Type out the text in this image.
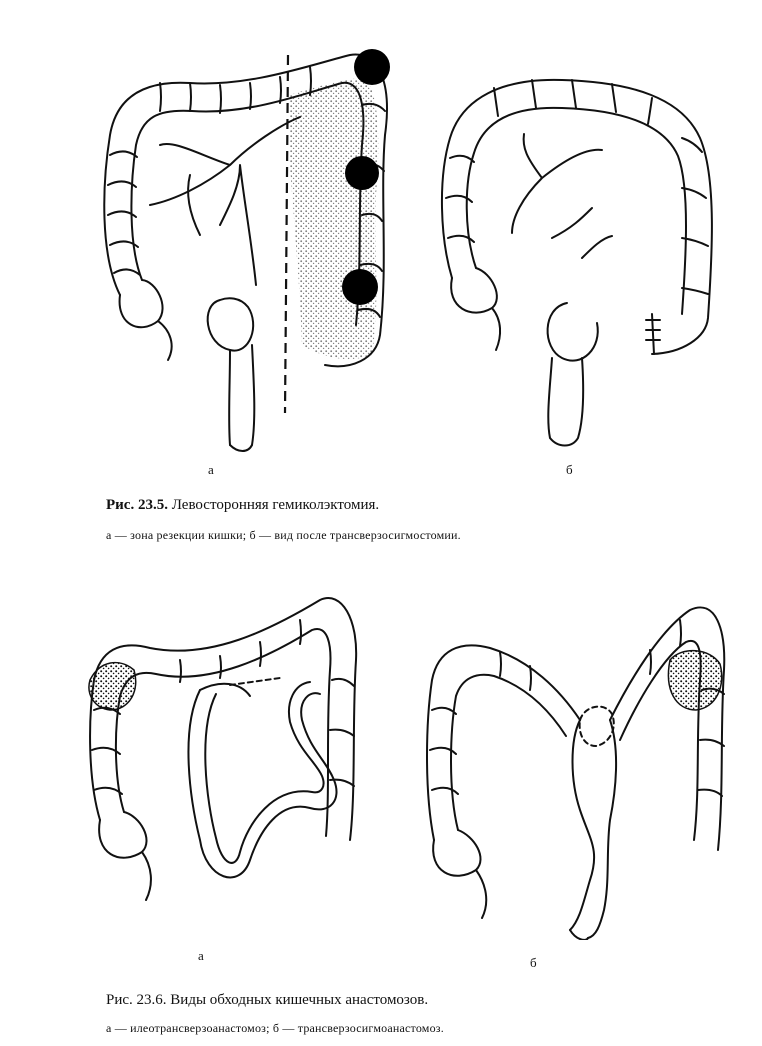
а	б
Рис. 23.5. Левосторонняя гемиколэктомия.
а — зона резекции кишки; б — вид после трансверзосигмостомии.
а	б
Рис. 23.6. Виды обходных кишечных анастомозов.
а — илеотрансверзоанастомоз; б — трансверзосигмоанастомоз.
